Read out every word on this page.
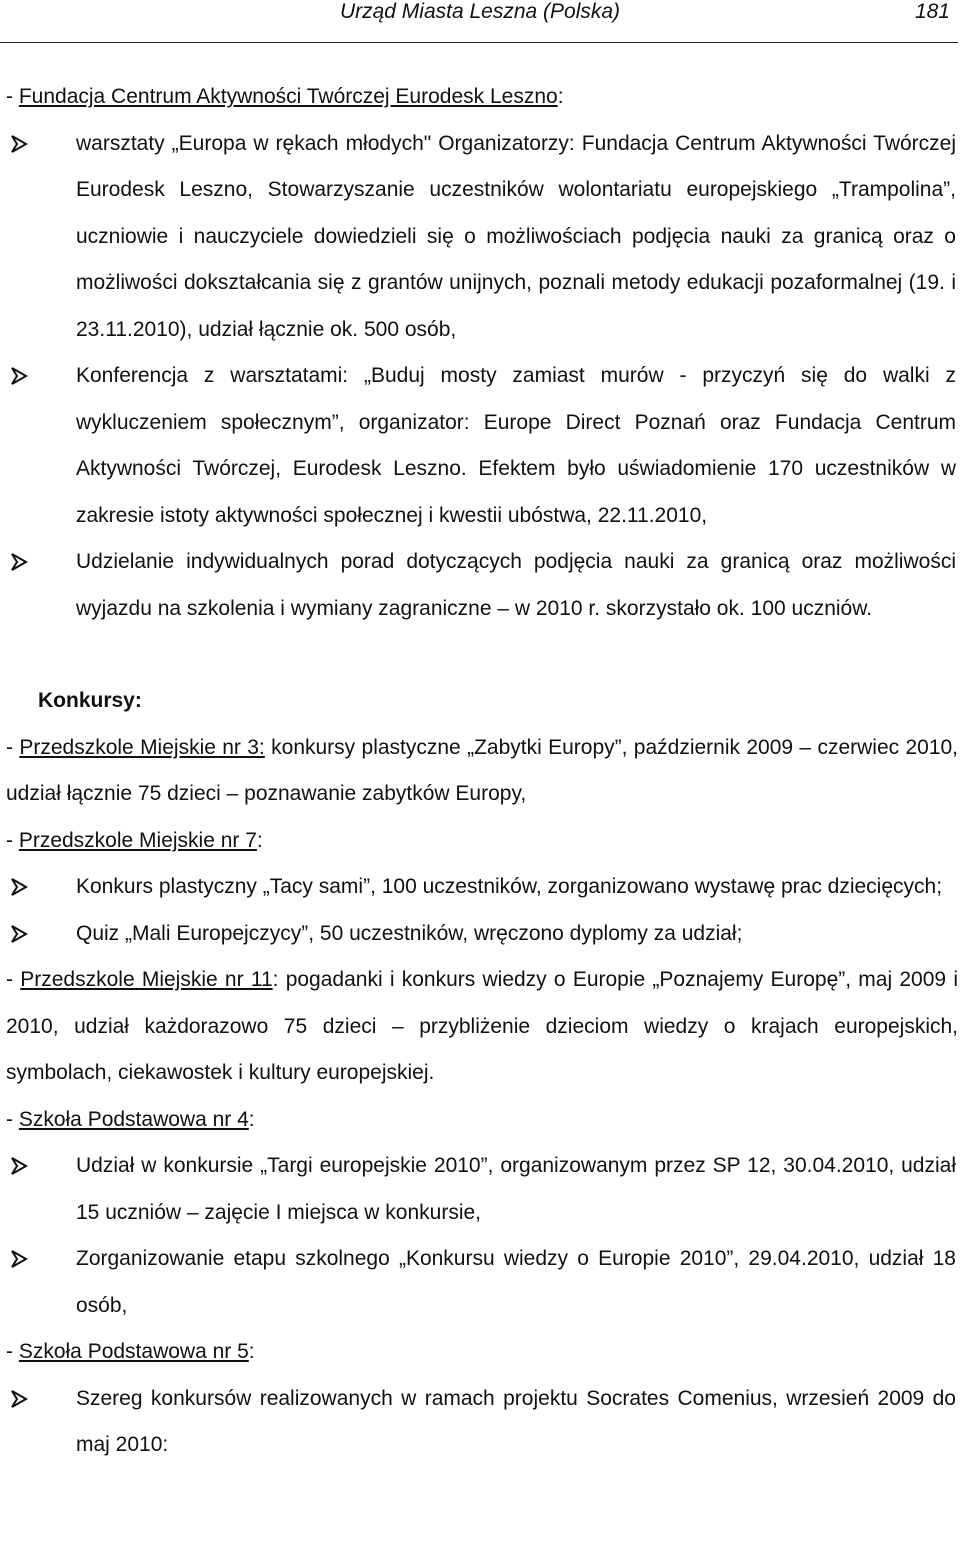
Urząd Miasta Leszna (Polska)	181

- Fundacja Centrum Aktywności Twórczej Eurodesk Leszno:

warsztaty „Europa w rękach młodych" Organizatorzy: Fundacja Centrum Aktywności Twórczej Eurodesk Leszno, Stowarzyszanie uczestników wolontariatu europejskiego „Trampolina”, uczniowie i nauczyciele dowiedzieli się o możliwościach podjęcia nauki za granicą oraz o możliwości dokształcania się z grantów unijnych, poznali metody edukacji pozaformalnej (19. i 23.11.2010), udział łącznie ok. 500 osób,

Konferencja z warsztatami: „Buduj mosty zamiast murów - przyczyń się do walki z wykluczeniem społecznym”, organizator: Europe Direct Poznań oraz Fundacja Centrum Aktywności Twórczej, Eurodesk Leszno. Efektem było uświadomienie 170 uczestników w zakresie istoty aktywności społecznej i kwestii ubóstwa, 22.11.2010,

Udzielanie indywidualnych porad dotyczących podjęcia nauki za granicą oraz możliwości wyjazdu na szkolenia i wymiany zagraniczne – w 2010 r. skorzystało ok. 100 uczniów.

Konkursy:

- Przedszkole Miejskie nr 3: konkursy plastyczne „Zabytki Europy”, październik 2009 – czerwiec 2010, udział łącznie 75 dzieci – poznawanie zabytków Europy,

- Przedszkole Miejskie nr 7:

Konkurs plastyczny „Tacy sami”, 100 uczestników, zorganizowano wystawę prac dziecięcych;

Quiz „Mali Europejczycy”, 50 uczestników, wręczono dyplomy za udział;

- Przedszkole Miejskie nr 11: pogadanki i konkurs wiedzy o Europie „Poznajemy Europę”, maj 2009 i 2010, udział każdorazowo 75 dzieci – przybliżenie dzieciom wiedzy o krajach europejskich, symbolach, ciekawostek i kultury europejskiej.

- Szkoła Podstawowa nr 4:

Udział w konkursie „Targi europejskie 2010”, organizowanym przez SP 12, 30.04.2010, udział 15 uczniów – zajęcie I miejsca w konkursie,

Zorganizowanie etapu szkolnego „Konkursu wiedzy o Europie 2010”, 29.04.2010, udział 18 osób,

- Szkoła Podstawowa nr 5:

Szereg konkursów realizowanych w ramach projektu Socrates Comenius, wrzesień 2009 do maj 2010:
